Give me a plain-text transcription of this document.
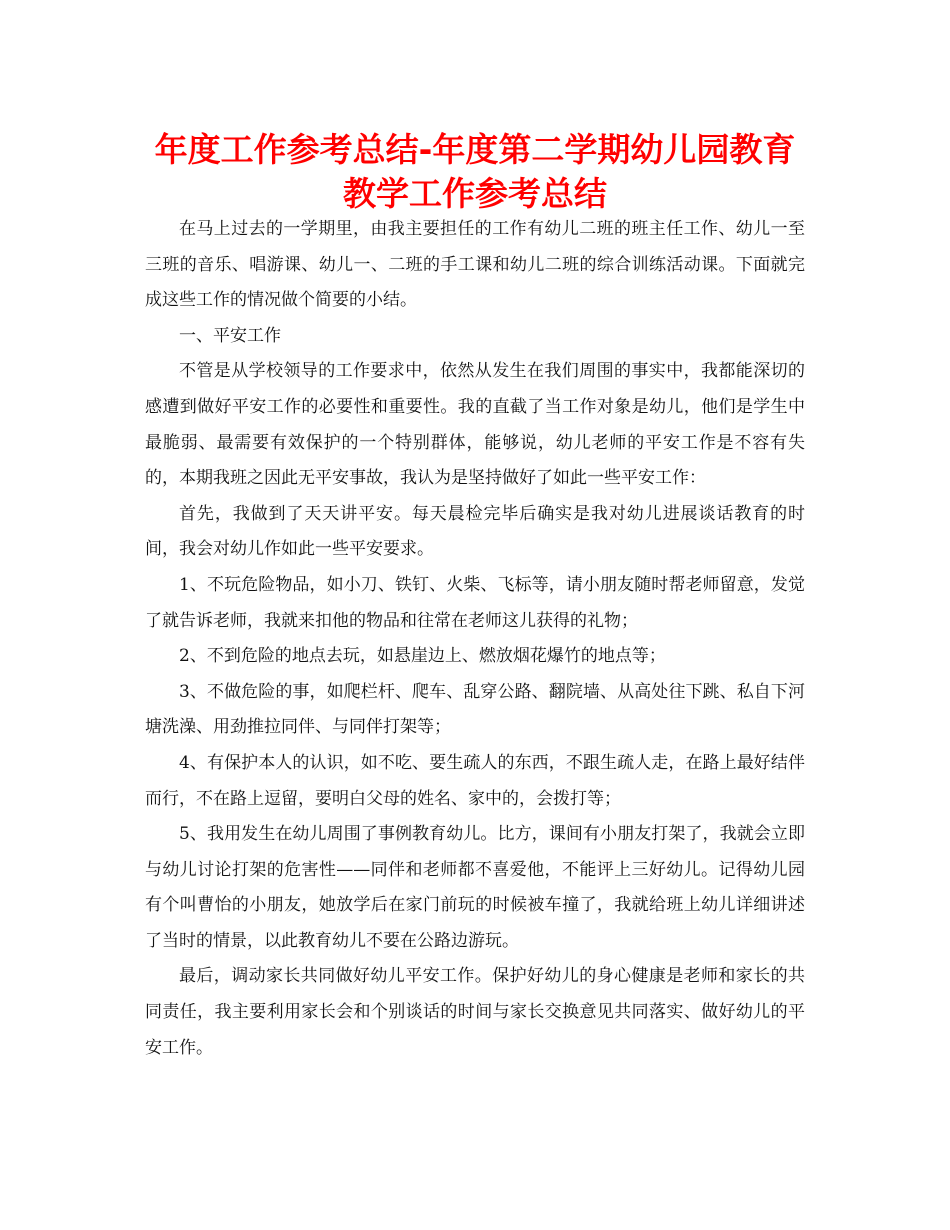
年度工作参考总结-年度第二学期幼儿园教育教学工作参考总结

在马上过去的一学期里，由我主要担任的工作有幼儿二班的班主任工作、幼儿一至三班的音乐、唱游课、幼儿一、二班的手工课和幼儿二班的综合训练活动课。下面就完成这些工作的情况做个简要的小结。

一、平安工作

不管是从学校领导的工作要求中，依然从发生在我们周围的事实中，我都能深切的感遭到做好平安工作的必要性和重要性。我的直截了当工作对象是幼儿，他们是学生中最脆弱、最需要有效保护的一个特别群体，能够说，幼儿老师的平安工作是不容有失的，本期我班之因此无平安事故，我认为是坚持做好了如此一些平安工作：

首先，我做到了天天讲平安。每天晨检完毕后确实是我对幼儿进展谈话教育的时间，我会对幼儿作如此一些平安要求。

1、不玩危险物品，如小刀、铁钉、火柴、飞标等，请小朋友随时帮老师留意，发觉了就告诉老师，我就来扣他的物品和往常在老师这儿获得的礼物；

2、不到危险的地点去玩，如悬崖边上、燃放烟花爆竹的地点等；

3、不做危险的事，如爬栏杆、爬车、乱穿公路、翻院墙、从高处往下跳、私自下河塘洗澡、用劲推拉同伴、与同伴打架等；

4、有保护本人的认识，如不吃、要生疏人的东西，不跟生疏人走，在路上最好结伴而行，不在路上逗留，要明白父母的姓名、家中的，会拨打等；

5、我用发生在幼儿周围了事例教育幼儿。比方，课间有小朋友打架了，我就会立即与幼儿讨论打架的危害性——同伴和老师都不喜爱他，不能评上三好幼儿。记得幼儿园有个叫曹怡的小朋友，她放学后在家门前玩的时候被车撞了，我就给班上幼儿详细讲述了当时的情景，以此教育幼儿不要在公路边游玩。

最后，调动家长共同做好幼儿平安工作。保护好幼儿的身心健康是老师和家长的共同责任，我主要利用家长会和个别谈话的时间与家长交换意见共同落实、做好幼儿的平安工作。
